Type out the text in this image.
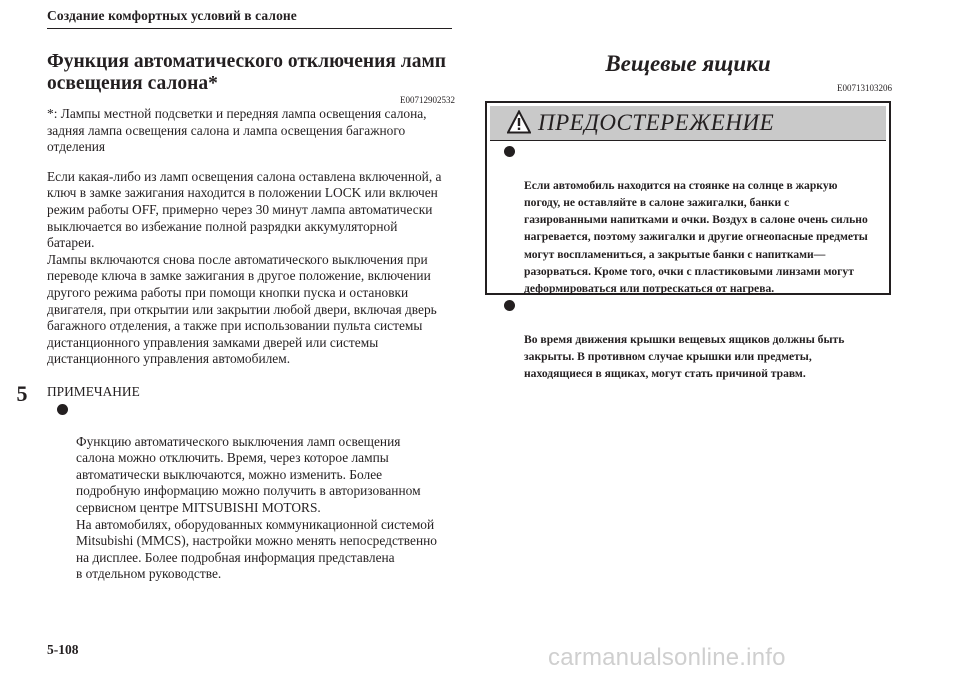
Создание комфортных условий в салоне
5
Функция автоматического отключения ламп
освещения салона*
E00712902532

*: Лампы местной подсветки и передняя лампа освещения салона,
задняя лампа освещения салона и лампа освещения багажного
отделения

Если какая-либо из ламп освещения салона оставлена включенной, а
ключ в замке зажигания находится в положении LOCK или включен
режим работы OFF, примерно через 30 минут лампа автоматически
выключается во избежание полной разрядки аккумуляторной
батареи.

Лампы включаются снова после автоматического выключения при
переводе ключа в замке зажигания в другое положение, включении
другого режима работы при помощи кнопки пуска и остановки
двигателя, при открытии или закрытии любой двери, включая дверь
багажного отделения, а также при использовании пульта системы
дистанционного управления замками дверей или системы
дистанционного управления автомобилем.

ПРИМЕЧАНИЕ

Функцию автоматического выключения ламп освещения
салона можно отключить. Время, через которое лампы
автоматически выключаются, можно изменить. Более
подробную информацию можно получить в авторизованном
сервисном центре MITSUBISHI MOTORS.
На автомобилях, оборудованных коммуникационной системой
Mitsubishi (MMCS), настройки можно менять непосредственно
на дисплее. Более подробная информация представлена
в отдельном руководстве.

Вещевые ящики
E00713103206
ПРЕДОСТЕРЕЖЕНИЕ

Если автомобиль находится на стоянке на солнце в жаркую
погоду, не оставляйте в салоне зажигалки, банки с
газированными напитками и очки. Воздух в салоне очень сильно
нагревается, поэтому зажигалки и другие огнеопасные предметы
могут воспламениться, а закрытые банки с напитками—
разорваться. Кроме того, очки с пластиковыми линзами могут
деформироваться или потрескаться от нагрева.

Во время движения крышки вещевых ящиков должны быть
закрыты. В противном случае крышки или предметы,
находящиеся в ящиках, могут стать причиной травм.

5-108	carmanualsonline.info
